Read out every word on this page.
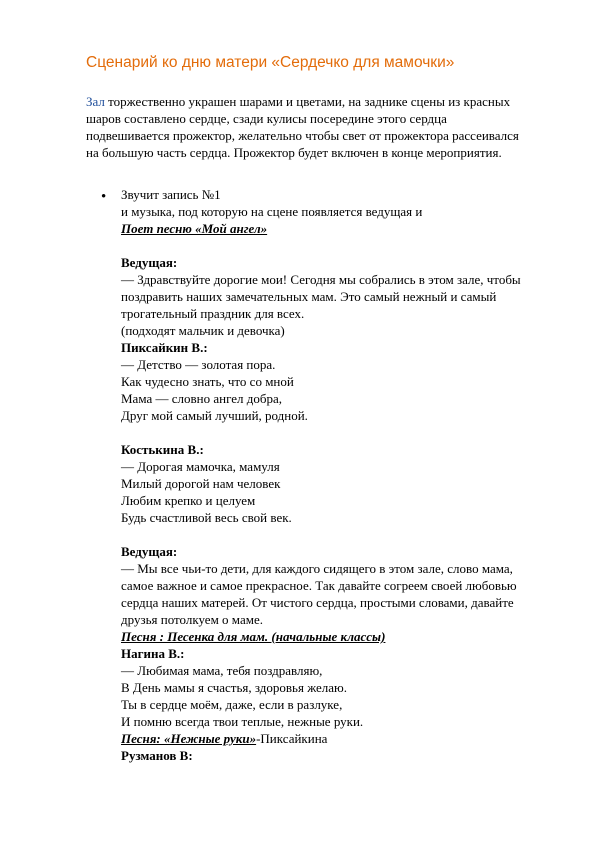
Сценарий ко дню матери «Сердечко для мамочки»
Зал торжественно украшен шарами и цветами, на заднике сцены из красных
шаров составлено сердце, сзади кулисы посередине этого сердца
подвешивается прожектор, желательно чтобы свет от прожектора рассеивался
на большую часть сердца. Прожектор будет включен в конце мероприятия.
• Звучит запись №1
и музыка, под которую на сцене появляется ведущая и
Поет песню «Мой ангел»
Ведущая:
— Здравствуйте дорогие мои! Сегодня мы собрались в этом зале, чтобы
поздравить наших замечательных мам. Это самый нежный и самый
трогательный праздник для всех.
(подходят мальчик и девочка)
Пиксайкин В.:
— Детство — золотая пора.
Как чудесно знать, что со мной
Мама — словно ангел добра,
Друг мой самый лучший, родной.
Костькина В.:
— Дорогая мамочка, мамуля
Милый дорогой нам человек
Любим крепко и целуем
Будь счастливой весь свой век.
Ведущая:
— Мы все чьи-то дети, для каждого сидящего в этом зале, слово мама,
самое важное и самое прекрасное. Так давайте согреем своей любовью
сердца наших матерей. От чистого сердца, простыми словами, давайте
друзья потолкуем о маме.
Песня : Песенка для мам. (начальные классы)
Нагина В.:
— Любимая мама, тебя поздравляю,
В День мамы я счастья, здоровья желаю.
Ты в сердце моём, даже, если в разлуке,
И помню всегда твои теплые, нежные руки.
Песня: «Нежные руки»-Пиксайкина
Рузманов В:
